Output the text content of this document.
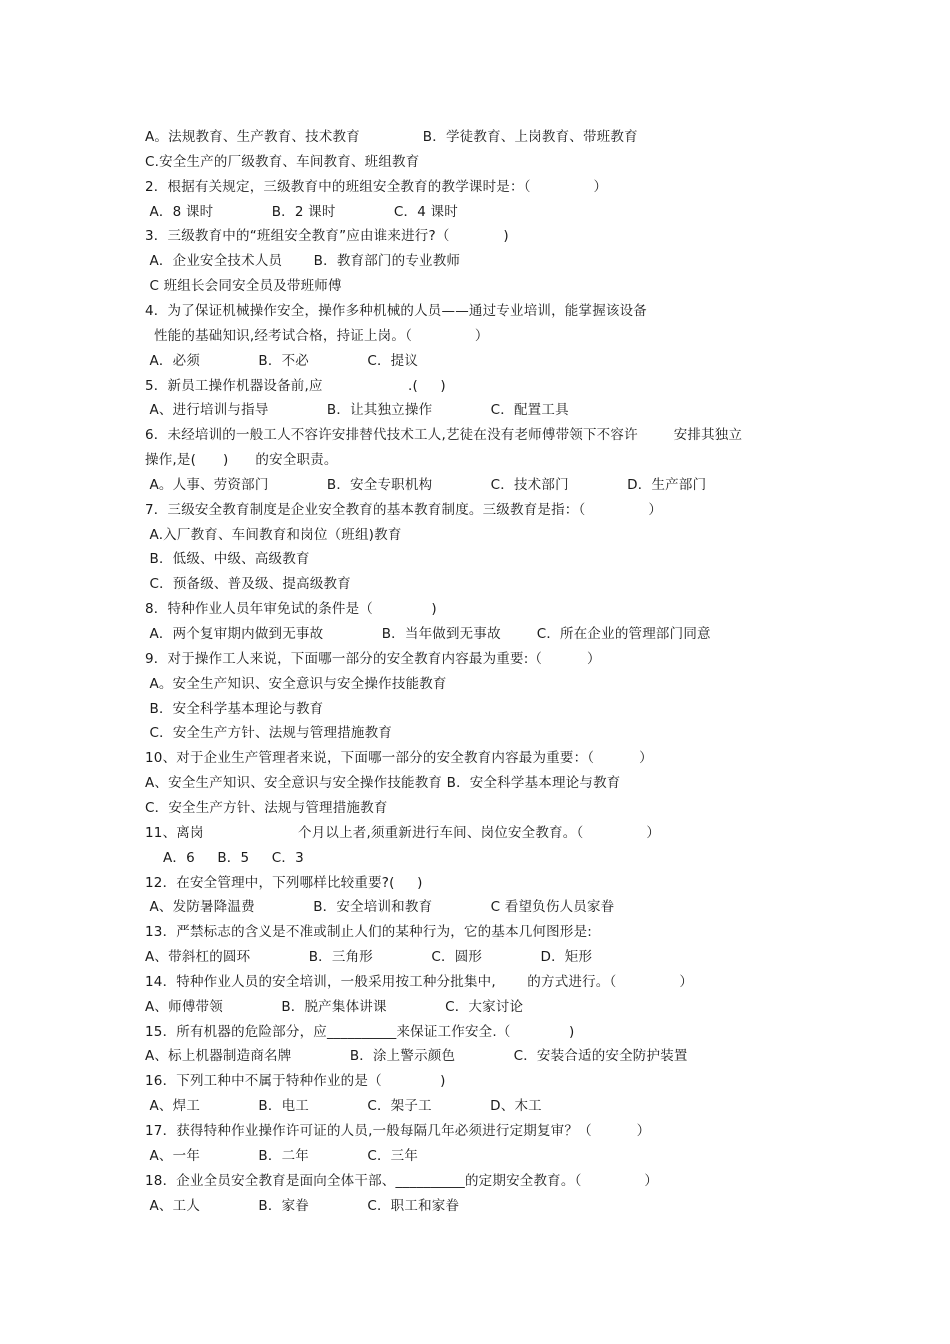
A。法规教育、生产教育、技术教育              B．学徒教育、上岗教育、带班教育
C.安全生产的厂级教育、车间教育、班组教育
2．根据有关规定，三级教育中的班组安全教育的教学课时是：（              ）
A．8 课时             B．2 课时             C．4 课时
3．三级教育中的“班组安全教育”应由谁来进行?（            )
A．企业安全技术人员       B．教育部门的专业教师
C 班组长会同安全员及带班师傅
4．为了保证机械操作安全，操作多种机械的人员——通过专业培训，能掌握该设备
性能的基础知识,经考试合格，持证上岗。（              ）
A．必须             B．不必             C．提议
5．新员工操作机器设备前,应                   .(     )
A、进行培训与指导             B．让其独立操作             C．配置工具
6．未经培训的一般工人不容许安排替代技术工人,艺徒在没有老师傅带领下不容许        安排其独立
操作,是(      )      的安全职责。
A。人事、劳资部门             B．安全专职机构             C．技术部门             D．生产部门
7．三级安全教育制度是企业安全教育的基本教育制度。三级教育是指：（              ）
A.入厂教育、车间教育和岗位（班组)教育
B．低级、中级、高级教育
C．预备级、普及级、提高级教育
8．特种作业人员年审免试的条件是（             )
A．两个复审期内做到无事故             B．当年做到无事故        C．所在企业的管理部门同意
9．对于操作工人来说，下面哪一部分的安全教育内容最为重要:（          ）
A。安全生产知识、安全意识与安全操作技能教育
B．安全科学基本理论与教育
C．安全生产方针、法规与管理措施教育
10、对于企业生产管理者来说，下面哪一部分的安全教育内容最为重要：（          ）
A、安全生产知识、安全意识与安全操作技能教育 B．安全科学基本理论与教育
C．安全生产方针、法规与管理措施教育
11、离岗                     个月以上者,须重新进行车间、岗位安全教育。（              ）
A．6     B．5     C．3
12．在安全管理中，下列哪样比较重要?(     )
A、发防暑降温费             B．安全培训和教育             C 看望负伤人员家眷
13．严禁标志的含义是不准或制止人们的某种行为，它的基本几何图形是:
A、带斜杠的圆环             B．三角形             C．圆形             D．矩形
14．特种作业人员的安全培训，一般采用按工种分批集中,       的方式进行。（              ）
A、师傅带领             B．脱产集体讲课             C．大家讨论
15．所有机器的危险部分，应__________来保证工作安全.（             )
A、标上机器制造商名牌             B．涂上警示颜色             C．安装合适的安全防护装置
16．下列工种中不属于特种作业的是（             )
A、焊工             B．电工             C．架子工             D、木工
17．获得特种作业操作许可证的人员,一般每隔几年必须进行定期复审？（          ）
A、一年             B．二年             C．三年
18．企业全员安全教育是面向全体干部、__________的定期安全教育。（              ）
A、工人             B．家眷             C．职工和家眷
